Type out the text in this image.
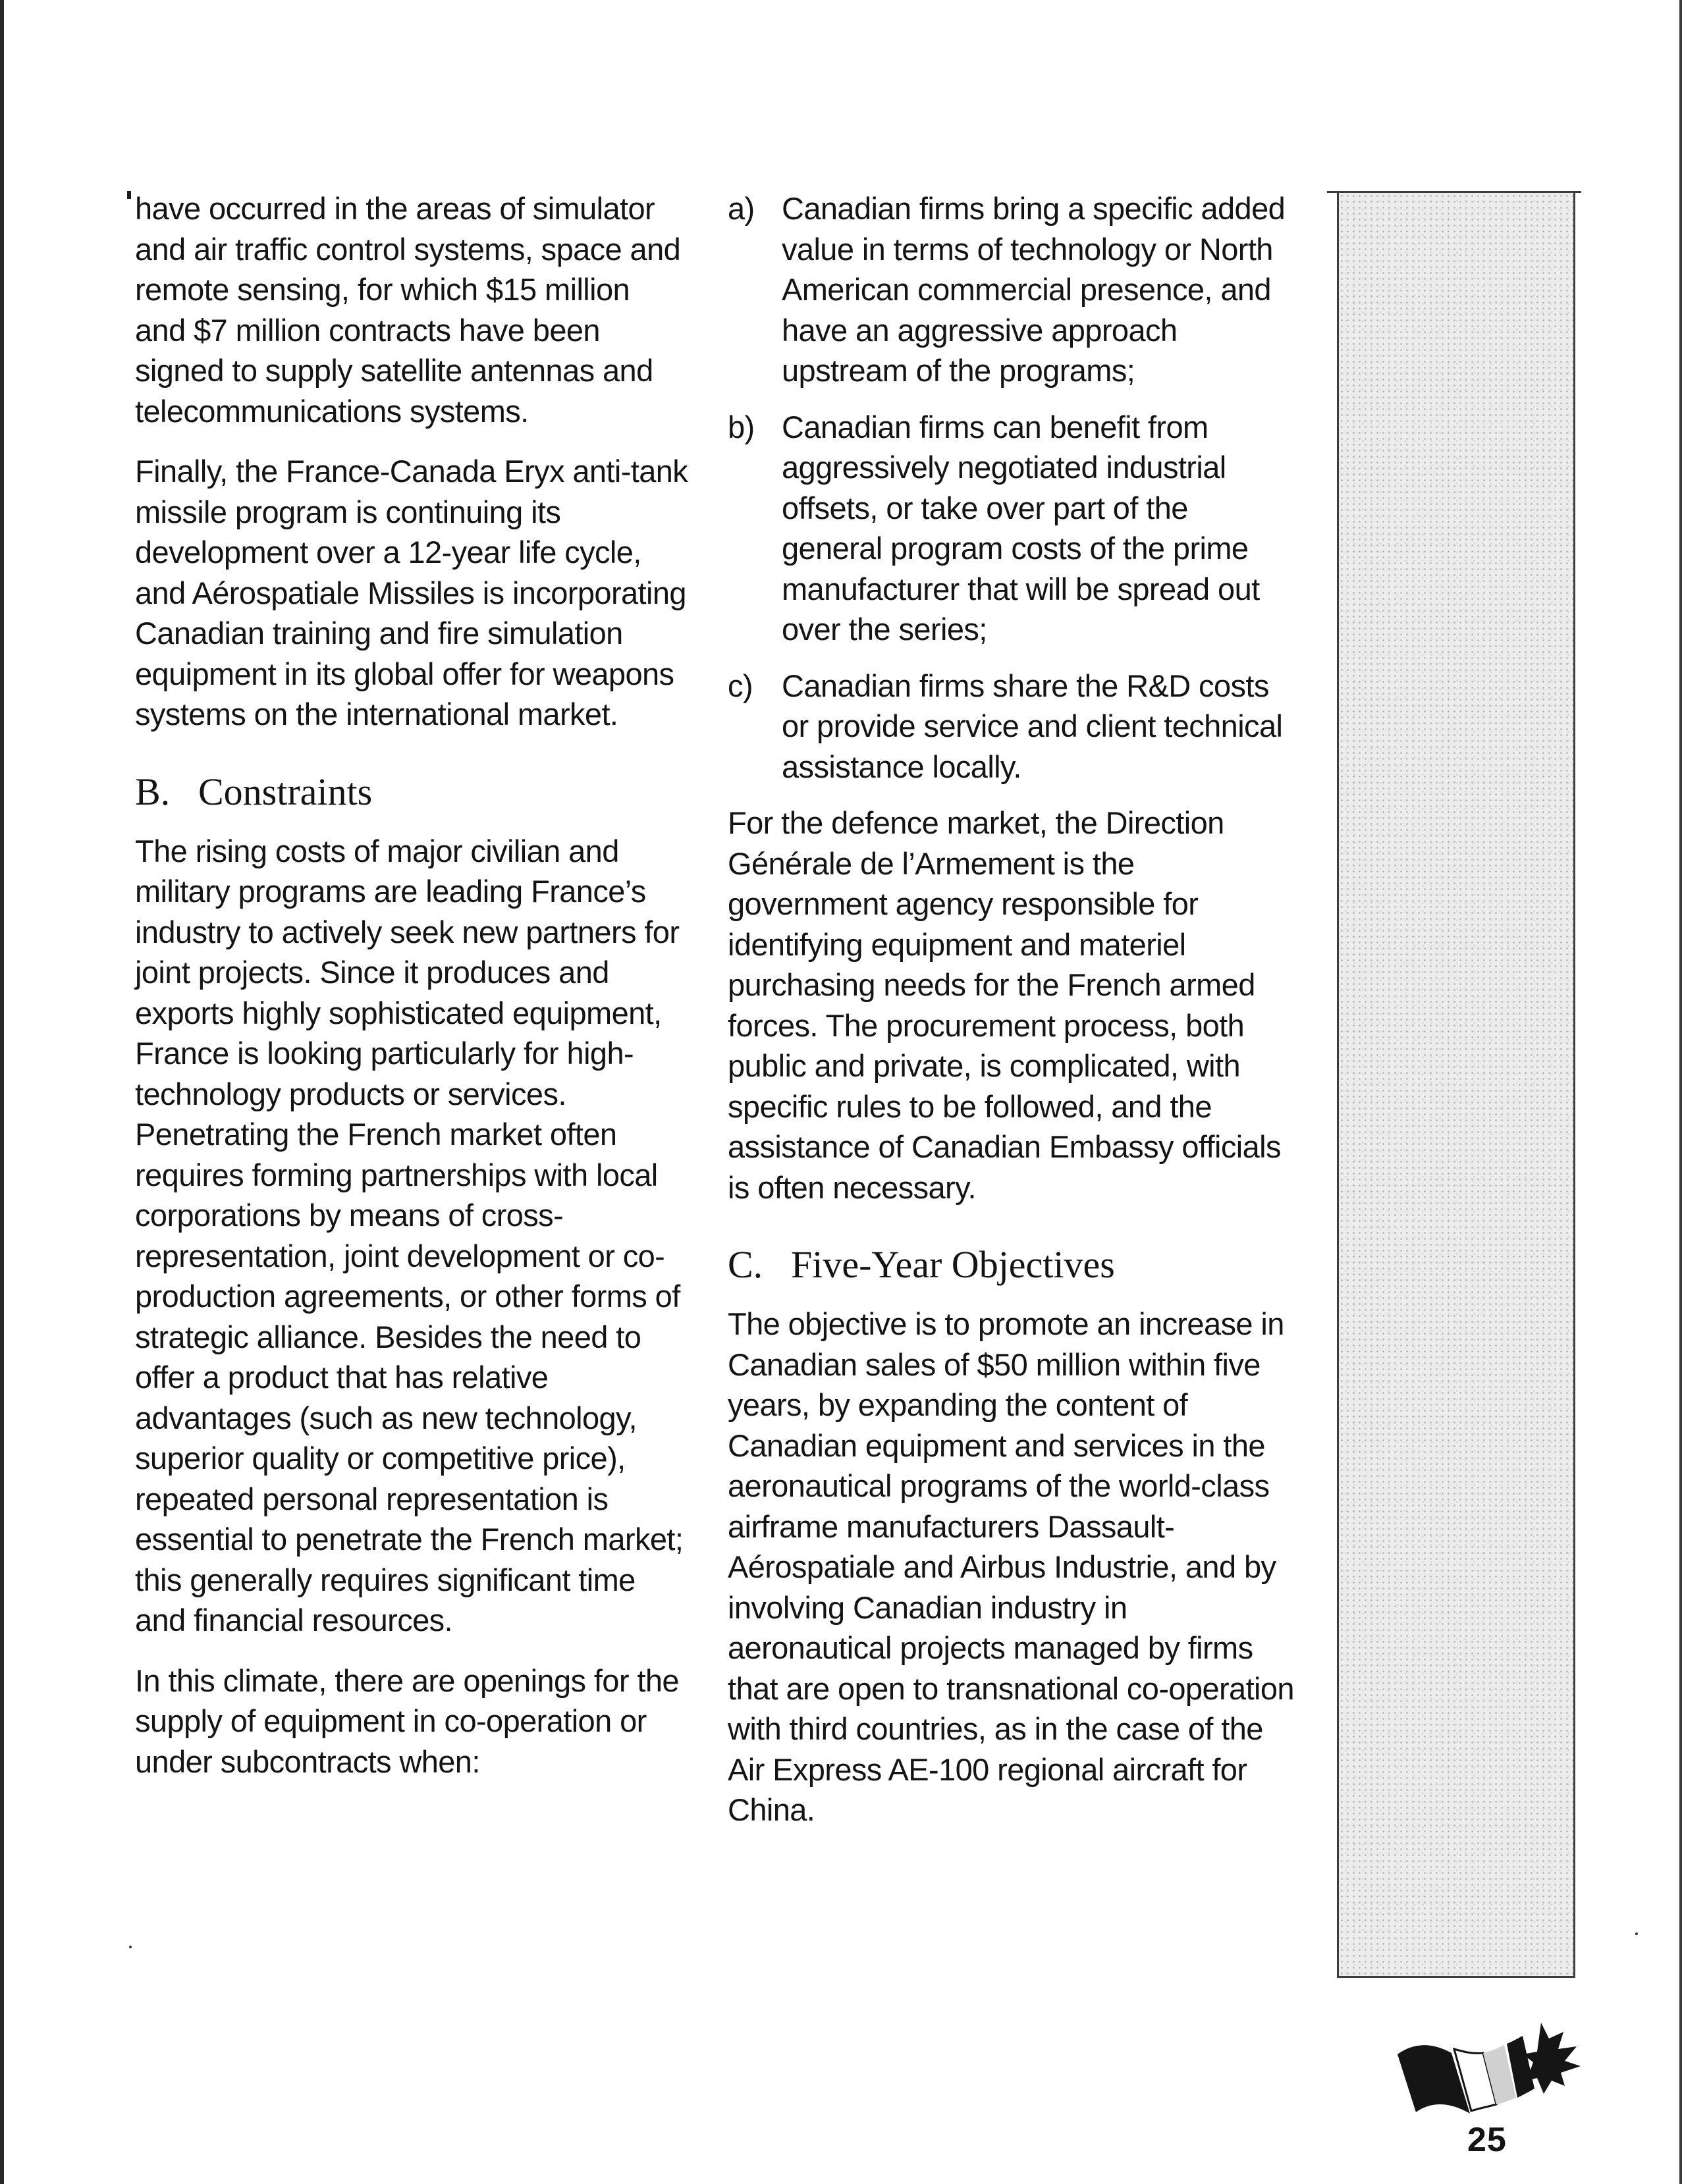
have occurred in the areas of simulator and air traffic control systems, space and remote sensing, for which $15 million and $7 million contracts have been signed to supply satellite antennas and telecommunications systems.

Finally, the France-Canada Eryx anti-tank missile program is continuing its development over a 12-year life cycle, and Aérospatiale Missiles is incorporating Canadian training and fire simulation equipment in its global offer for weapons systems on the international market.

B. Constraints

The rising costs of major civilian and military programs are leading France’s industry to actively seek new partners for joint projects. Since it produces and exports highly sophisticated equipment, France is looking particularly for high-technology products or services. Penetrating the French market often requires forming partnerships with local corporations by means of cross-representation, joint development or co-production agreements, or other forms of strategic alliance. Besides the need to offer a product that has relative advantages (such as new technology, superior quality or competitive price), repeated personal representation is essential to penetrate the French market; this generally requires significant time and financial resources.

In this climate, there are openings for the supply of equipment in co-operation or under subcontracts when:

a) Canadian firms bring a specific added value in terms of technology or North American commercial presence, and have an aggressive approach upstream of the programs;
b) Canadian firms can benefit from aggressively negotiated industrial offsets, or take over part of the general program costs of the prime manufacturer that will be spread out over the series;
c) Canadian firms share the R&D costs or provide service and client technical assistance locally.

For the defence market, the Direction Générale de l’Armement is the government agency responsible for identifying equipment and materiel purchasing needs for the French armed forces. The procurement process, both public and private, is complicated, with specific rules to be followed, and the assistance of Canadian Embassy officials is often necessary.

C. Five-Year Objectives

The objective is to promote an increase in Canadian sales of $50 million within five years, by expanding the content of Canadian equipment and services in the aeronautical programs of the world-class airframe manufacturers Dassault-Aérospatiale and Airbus Industrie, and by involving Canadian industry in aeronautical projects managed by firms that are open to transnational co-operation with third countries, as in the case of the Air Express AE-100 regional aircraft for China.

25
